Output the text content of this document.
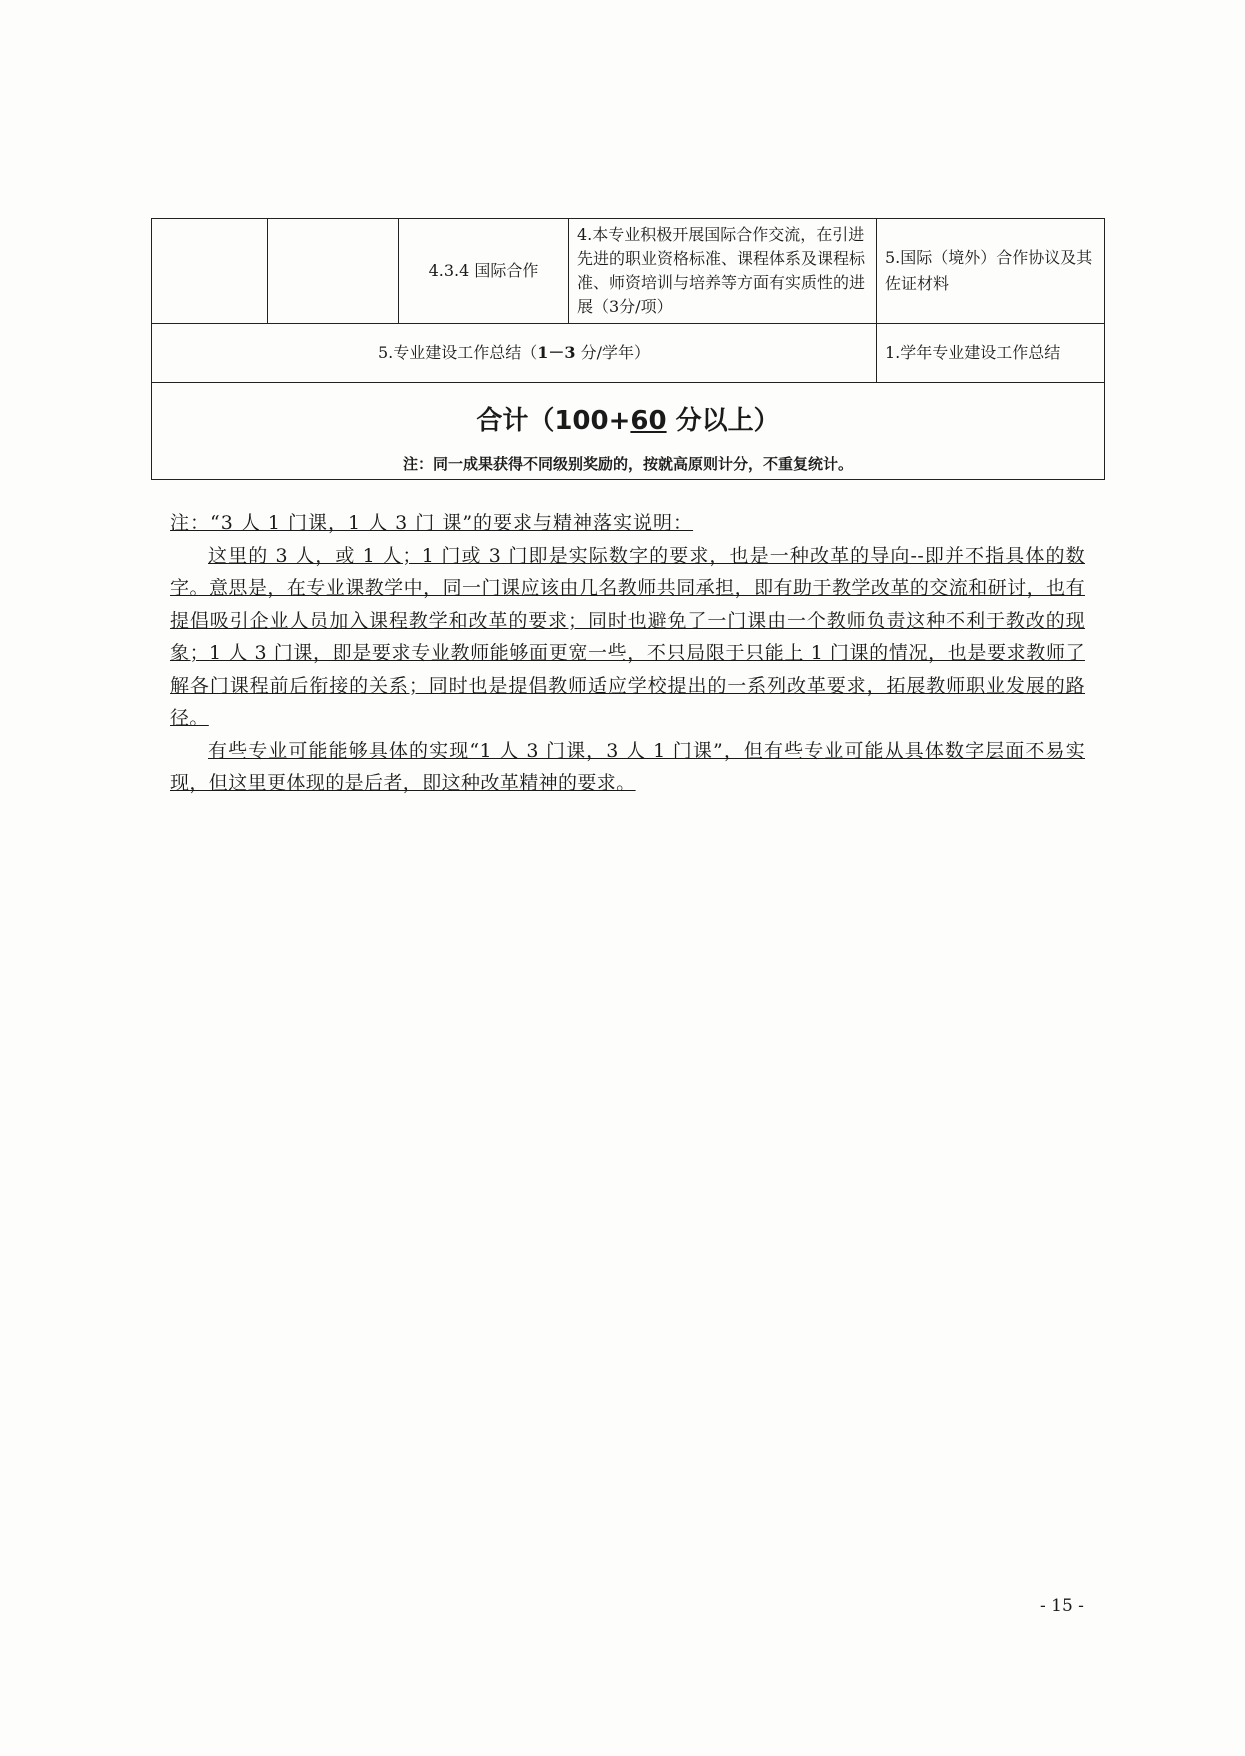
		4.3.4 国际合作	4.本专业积极开展国际合作交流，在引进先进的职业资格标准、课程体系及课程标准、师资培训与培养等方面有实质性的进展（3分/项）	5.国际（境外）合作协议及其佐证材料
5.专业建设工作总结（1－3 分/学年）				1.学年专业建设工作总结

合计（100+60 分以上）
注：同一成果获得不同级别奖励的，按就高原则计分，不重复统计。				
注：“3 人 1 门课，1 人 3 门 课”的要求与精神落实说明：
这里的 3 人，或 1 人；1 门或 3 门即是实际数字的要求，也是一种改革的导向--即并不指具体的数字。意思是，在专业课教学中，同一门课应该由几名教师共同承担，即有助于教学改革的交流和研讨，也有提倡吸引企业人员加入课程教学和改革的要求；同时也避免了一门课由一个教师负责这种不利于教改的现象；1 人 3 门课，即是要求专业教师能够面更宽一些，不只局限于只能上 1 门课的情况，也是要求教师了解各门课程前后衔接的关系；同时也是提倡教师适应学校提出的一系列改革要求，拓展教师职业发展的路径。
有些专业可能能够具体的实现“1 人 3 门课，3 人 1 门课”，但有些专业可能从具体数字层面不易实现，但这里更体现的是后者，即这种改革精神的要求。
- 15 -
